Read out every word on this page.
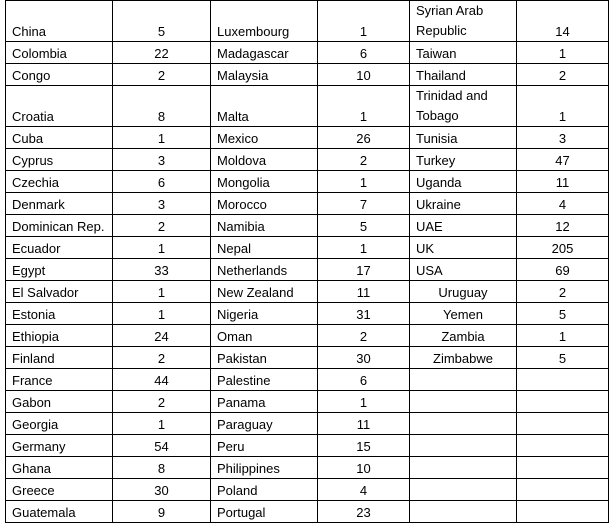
China	5	Luxembourg	1	Syrian Arab Republic	14
Colombia	22	Madagascar	6	Taiwan	1
Congo	2	Malaysia	10	Thailand	2
Croatia	8	Malta	1	Trinidad and Tobago	1
Cuba	1	Mexico	26	Tunisia	3
Cyprus	3	Moldova	2	Turkey	47
Czechia	6	Mongolia	1	Uganda	11
Denmark	3	Morocco	7	Ukraine	4
Dominican Rep.	2	Namibia	5	UAE	12
Ecuador	1	Nepal	1	UK	205
Egypt	33	Netherlands	17	USA	69
El Salvador	1	New Zealand	11	Uruguay	2
Estonia	1	Nigeria	31	Yemen	5
Ethiopia	24	Oman	2	Zambia	1
Finland	2	Pakistan	30	Zimbabwe	5
France	44	Palestine	6		
Gabon	2	Panama	1		
Georgia	1	Paraguay	11		
Germany	54	Peru	15		
Ghana	8	Philippines	10		
Greece	30	Poland	4		
Guatemala	9	Portugal	23		
